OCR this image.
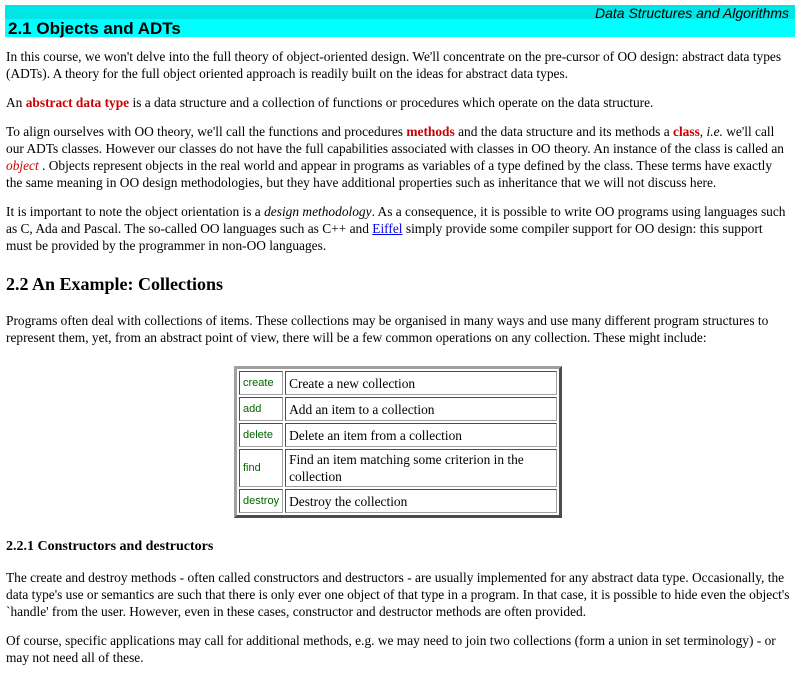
Data Structures and Algorithms
2.1 Objects and ADTs

In this course, we won't delve into the full theory of object-oriented design. We'll concentrate on the pre-cursor of OO design: abstract data types (ADTs). A theory for the full object oriented approach is readily built on the ideas for abstract data types.

An abstract data type is a data structure and a collection of functions or procedures which operate on the data structure.

To align ourselves with OO theory, we'll call the functions and procedures methods and the data structure and its methods a class, i.e. we'll call our ADTs classes. However our classes do not have the full capabilities associated with classes in OO theory. An instance of the class is called an object . Objects represent objects in the real world and appear in programs as variables of a type defined by the class. These terms have exactly the same meaning in OO design methodologies, but they have additional properties such as inheritance that we will not discuss here.

It is important to note the object orientation is a design methodology. As a consequence, it is possible to write OO programs using languages such as C, Ada and Pascal. The so-called OO languages such as C++ and Eiffel simply provide some compiler support for OO design: this support must be provided by the programmer in non-OO languages.

2.2 An Example: Collections

Programs often deal with collections of items. These collections may be organised in many ways and use many different program structures to represent them, yet, from an abstract point of view, there will be a few common operations on any collection. These might include:

create	Create a new collection
add	Add an item to a collection
delete	Delete an item from a collection
find	Find an item matching some criterion in the collection
destroy	Destroy the collection
2.2.1 Constructors and destructors

The create and destroy methods - often called constructors and destructors - are usually implemented for any abstract data type. Occasionally, the data type's use or semantics are such that there is only ever one object of that type in a program. In that case, it is possible to hide even the object's `handle' from the user. However, even in these cases, constructor and destructor methods are often provided.

Of course, specific applications may call for additional methods, e.g. we may need to join two collections (form a union in set terminology) - or may not need all of these.
